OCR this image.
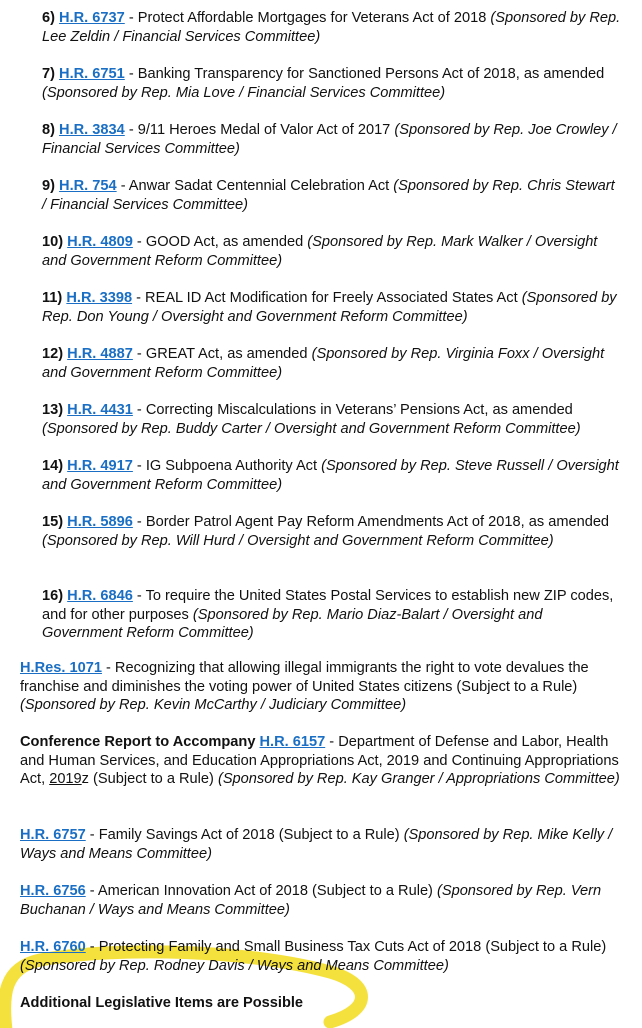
6) H.R. 6737 - Protect Affordable Mortgages for Veterans Act of 2018 (Sponsored by Rep. Lee Zeldin / Financial Services Committee)

7) H.R. 6751 - Banking Transparency for Sanctioned Persons Act of 2018, as amended (Sponsored by Rep. Mia Love / Financial Services Committee)

8) H.R. 3834 - 9/11 Heroes Medal of Valor Act of 2017 (Sponsored by Rep. Joe Crowley / Financial Services Committee)

9) H.R. 754 - Anwar Sadat Centennial Celebration Act (Sponsored by Rep. Chris Stewart / Financial Services Committee)

10) H.R. 4809 - GOOD Act, as amended (Sponsored by Rep. Mark Walker / Oversight and Government Reform Committee)

11) H.R. 3398 - REAL ID Act Modification for Freely Associated States Act (Sponsored by Rep. Don Young / Oversight and Government Reform Committee)

12) H.R. 4887 - GREAT Act, as amended (Sponsored by Rep. Virginia Foxx / Oversight and Government Reform Committee)

13) H.R. 4431 - Correcting Miscalculations in Veterans’ Pensions Act, as amended (Sponsored by Rep. Buddy Carter / Oversight and Government Reform Committee)

14) H.R. 4917 - IG Subpoena Authority Act (Sponsored by Rep. Steve Russell / Oversight and Government Reform Committee)

15) H.R. 5896 - Border Patrol Agent Pay Reform Amendments Act of 2018, as amended (Sponsored by Rep. Will Hurd / Oversight and Government Reform Committee)

16) H.R. 6846 - To require the United States Postal Services to establish new ZIP codes, and for other purposes (Sponsored by Rep. Mario Diaz-Balart / Oversight and Government Reform Committee)

H.Res. 1071 - Recognizing that allowing illegal immigrants the right to vote devalues the franchise and diminishes the voting power of United States citizens (Subject to a Rule) (Sponsored by Rep. Kevin McCarthy / Judiciary Committee)

Conference Report to Accompany H.R. 6157 - Department of Defense and Labor, Health and Human Services, and Education Appropriations Act, 2019 and Continuing Appropriations Act, 2019z (Subject to a Rule) (Sponsored by Rep. Kay Granger / Appropriations Committee)

H.R. 6757 - Family Savings Act of 2018 (Subject to a Rule) (Sponsored by Rep. Mike Kelly / Ways and Means Committee)

H.R. 6756 - American Innovation Act of 2018 (Subject to a Rule) (Sponsored by Rep. Vern Buchanan / Ways and Means Committee)

H.R. 6760 - Protecting Family and Small Business Tax Cuts Act of 2018 (Subject to a Rule) (Sponsored by Rep. Rodney Davis / Ways and Means Committee)

Additional Legislative Items are Possible
